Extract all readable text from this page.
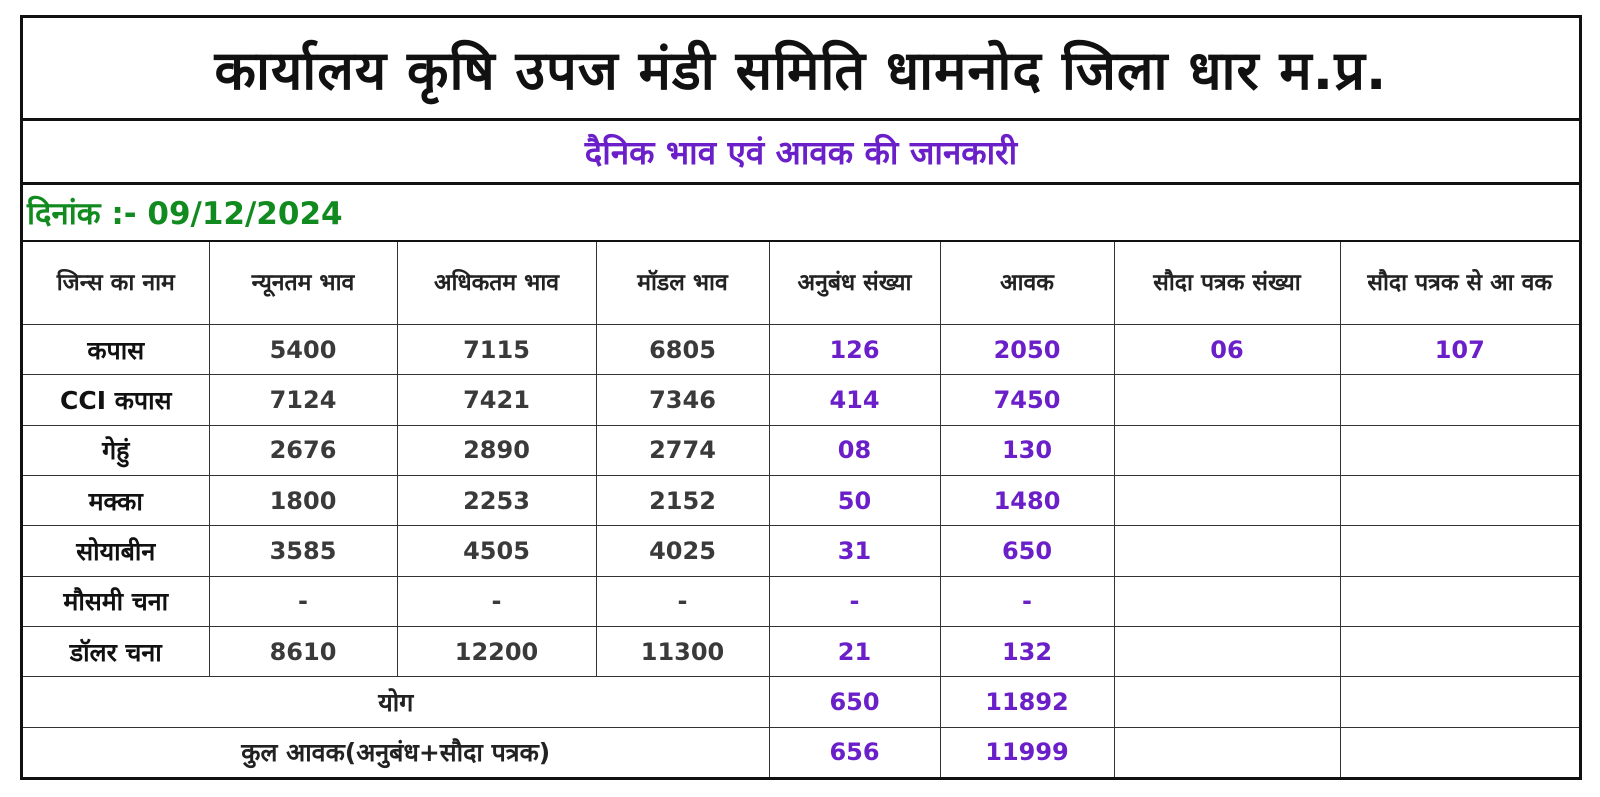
कार्यालय कृषि उपज मंडी समिति धामनोद जिला धार म.प्र.
दैनिक भाव एवं आवक की जानकारी
दिनांक :- 09/12/2024
जिन्स का नाम	न्यूनतम भाव	अधिकतम भाव	मॉडल भाव	अनुबंध संख्या	आवक	सौदा पत्रक संख्या	सौदा पत्रक से आ वक
कपास	5400	7115	6805	126	2050	06	107
CCI कपास	7124	7421	7346	414	7450		
गेहुं	2676	2890	2774	08	130		
मक्का	1800	2253	2152	50	1480		
सोयाबीन	3585	4505	4025	31	650		
मौसमी चना	-	-	-	-	-		
डॉलर चना	8610	12200	11300	21	132		
योग				650	11892		
कुल आवक(अनुबंध+सौदा पत्रक)				656	11999		
